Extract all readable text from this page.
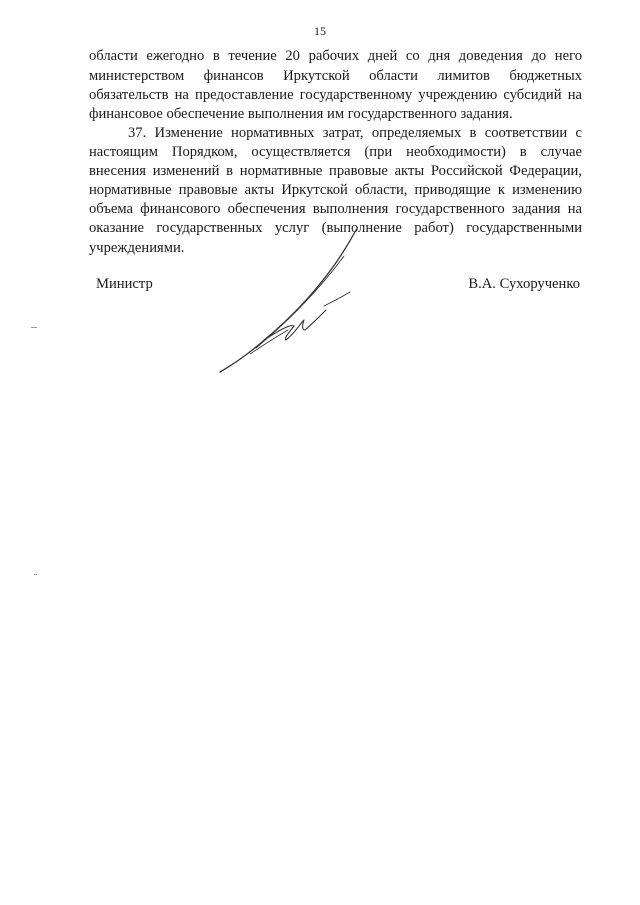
15
области ежегодно в течение 20 рабочих дней со дня доведения до него
министерством финансов Иркутской области лимитов бюджетных
обязательств на предоставление государственному учреждению субсидий на
финансовое обеспечение выполнения им государственного задания.
37. Изменение нормативных затрат, определяемых в соответствии с
настоящим Порядком, осуществляется (при необходимости) в случае
внесения изменений в нормативные правовые акты Российской Федерации,
нормативные правовые акты Иркутской области, приводящие к изменению
объема финансового обеспечения выполнения государственного задания на
оказание государственных услуг (выполнение работ) государственными
учреждениями.
Министр	В.А. Сухорученко
